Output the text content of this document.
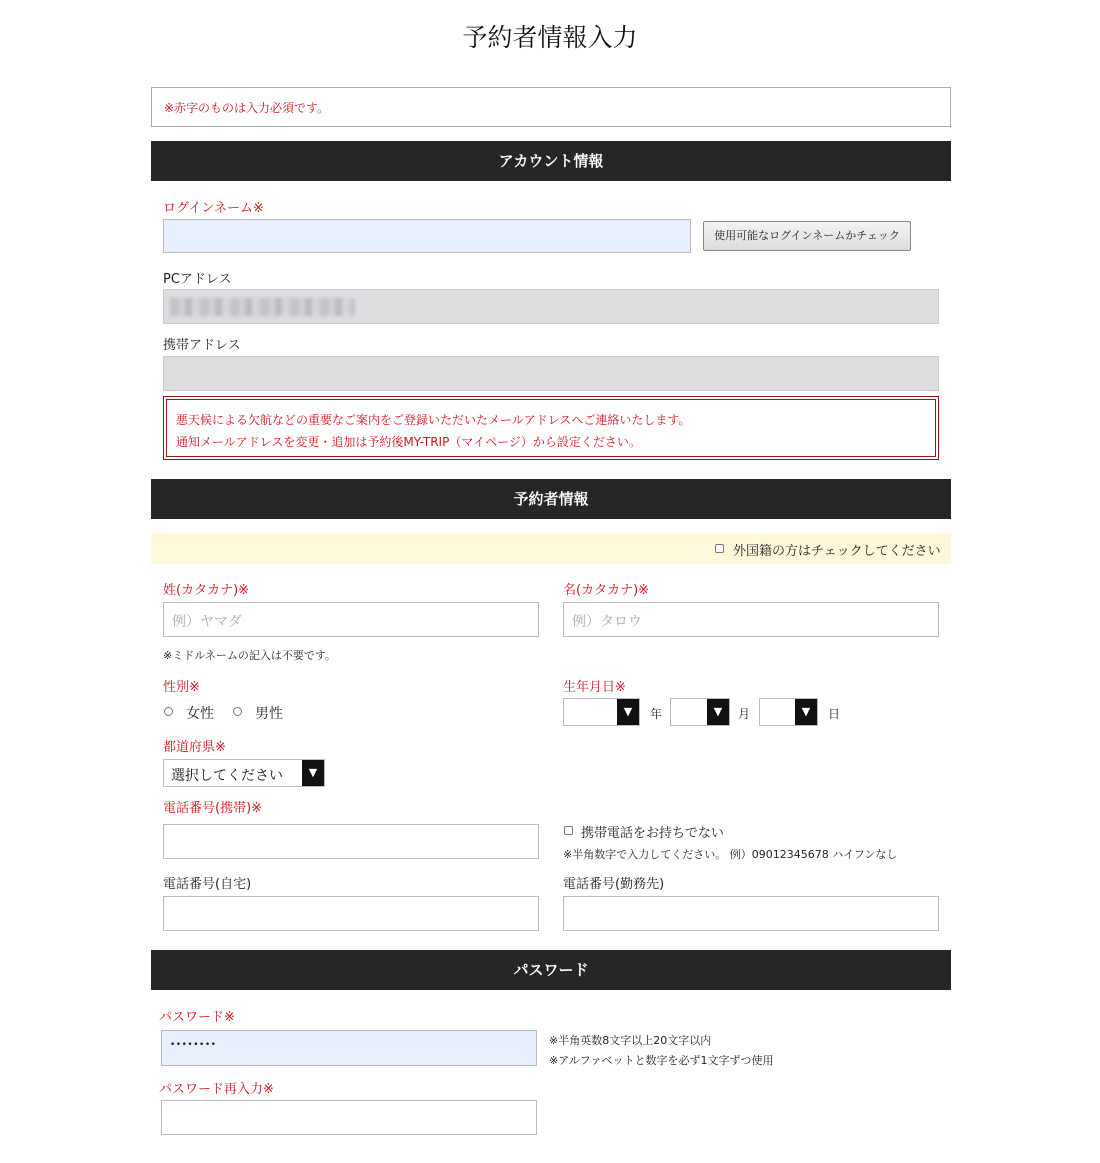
予約者情報入力
※赤字のものは入力必須です。
アカウント情報
ログインネーム※
使用可能なログインネームかチェック
PCアドレス
携帯アドレス
悪天候による欠航などの重要なご案内をご登録いただいたメールアドレスへご連絡いたします。
通知メールアドレスを変更・追加は予約後MY-TRIP（マイページ）から設定ください。
予約者情報
外国籍の方はチェックしてください
姓(カタカナ)※
例）ヤマダ
名(カタカナ)※
例）タロウ
※ミドルネームの記入は不要です。
性別※
女性	男性
生年月日※
▼	年	▼	月	▼	日
都道府県※
選択してください	▼
電話番号(携帯)※
携帯電話をお持ちでない
※半角数字で入力してください。 例）09012345678 ハイフンなし
電話番号(自宅)	電話番号(勤務先)
パスワード
パスワード※
••••••••	※半角英数8文字以上20文字以内
※アルファベットと数字を必ず1文字ずつ使用
パスワード再入力※
